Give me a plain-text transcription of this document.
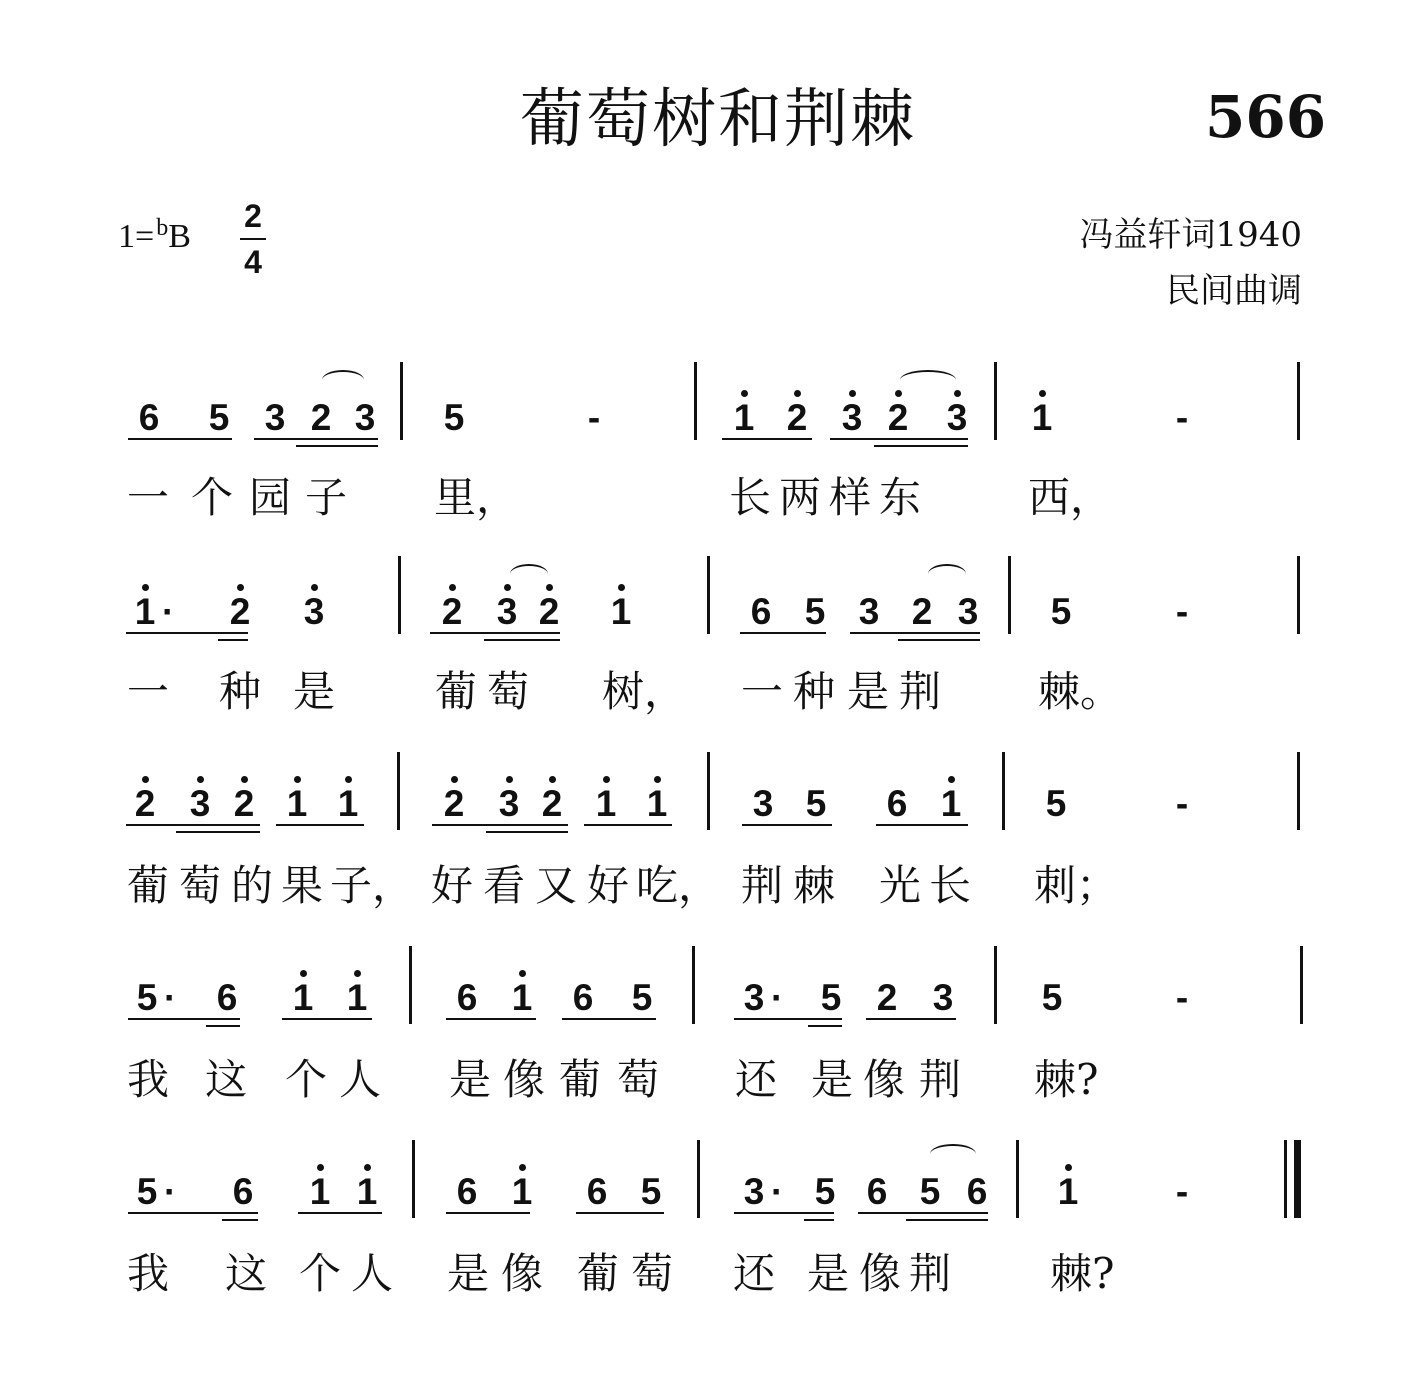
葡萄树和荆棘	566
1=$^b$B
2
4
冯益轩词1940
民间曲调
6 5 3 2 3 5	-	1 2 3 2 3 1	-
一 个 园 子 里，	长 两 样 东	西，
1 · 2 3	2 3 2 1	6 5 3 2 3 5	-
一 种 是 葡 萄 树， 一 种 是 荆 棘。
2 3 2 1 1 2 3 2 1 1 3 5 6 1 5	-
葡 萄 的 果 子， 好 看 又 好 吃， 荆 棘 光 长 刺；
5 · 6 1 1 6 1 6 5 3 · 5 2 3 5	-
我 这 个 人 是 像 葡 萄 还 是 像 荆 棘?
5 · 6 1 1 6 1 6 5 3 · 5 6 5 6 1	-
我 这 个 人 是 像 葡 萄 还 是 像 荆 棘?
